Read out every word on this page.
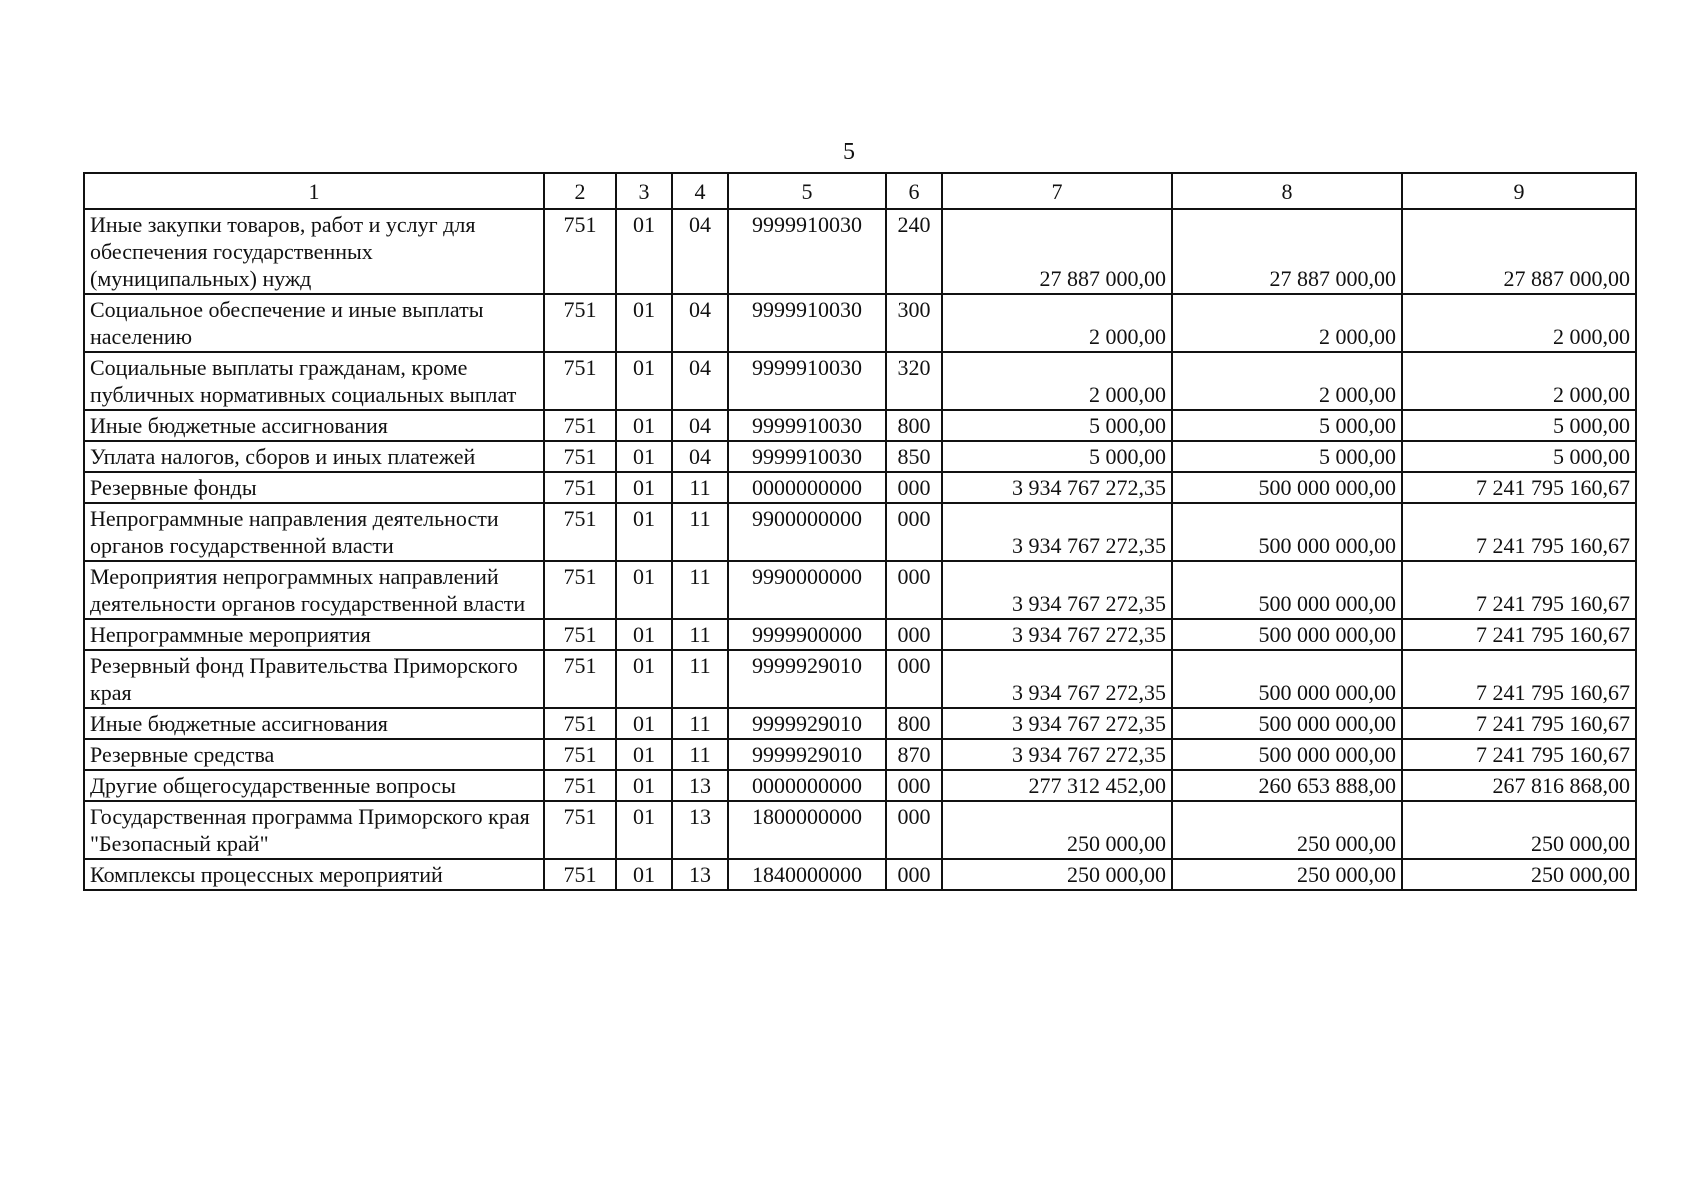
5
1	2	3	4	5	6	7	8	9
Иные закупки товаров, работ и услуг для обеспечения государственных (муниципальных) нужд	751	01	04	9999910030	240	27 887 000,00	27 887 000,00	27 887 000,00
Социальное обеспечение и иные выплаты населению	751	01	04	9999910030	300	2 000,00	2 000,00	2 000,00
Социальные выплаты гражданам, кроме публичных нормативных социальных выплат	751	01	04	9999910030	320	2 000,00	2 000,00	2 000,00
Иные бюджетные ассигнования	751	01	04	9999910030	800	5 000,00	5 000,00	5 000,00
Уплата налогов, сборов и иных платежей	751	01	04	9999910030	850	5 000,00	5 000,00	5 000,00
Резервные фонды	751	01	11	0000000000	000	3 934 767 272,35	500 000 000,00	7 241 795 160,67
Непрограммные направления деятельности органов государственной власти	751	01	11	9900000000	000	3 934 767 272,35	500 000 000,00	7 241 795 160,67
Мероприятия непрограммных направлений деятельности органов государственной власти	751	01	11	9990000000	000	3 934 767 272,35	500 000 000,00	7 241 795 160,67
Непрограммные мероприятия	751	01	11	9999900000	000	3 934 767 272,35	500 000 000,00	7 241 795 160,67
Резервный фонд Правительства Приморского края	751	01	11	9999929010	000	3 934 767 272,35	500 000 000,00	7 241 795 160,67
Иные бюджетные ассигнования	751	01	11	9999929010	800	3 934 767 272,35	500 000 000,00	7 241 795 160,67
Резервные средства	751	01	11	9999929010	870	3 934 767 272,35	500 000 000,00	7 241 795 160,67
Другие общегосударственные вопросы	751	01	13	0000000000	000	277 312 452,00	260 653 888,00	267 816 868,00
Государственная программа Приморского края "Безопасный край"	751	01	13	1800000000	000	250 000,00	250 000,00	250 000,00
Комплексы процессных мероприятий	751	01	13	1840000000	000	250 000,00	250 000,00	250 000,00
